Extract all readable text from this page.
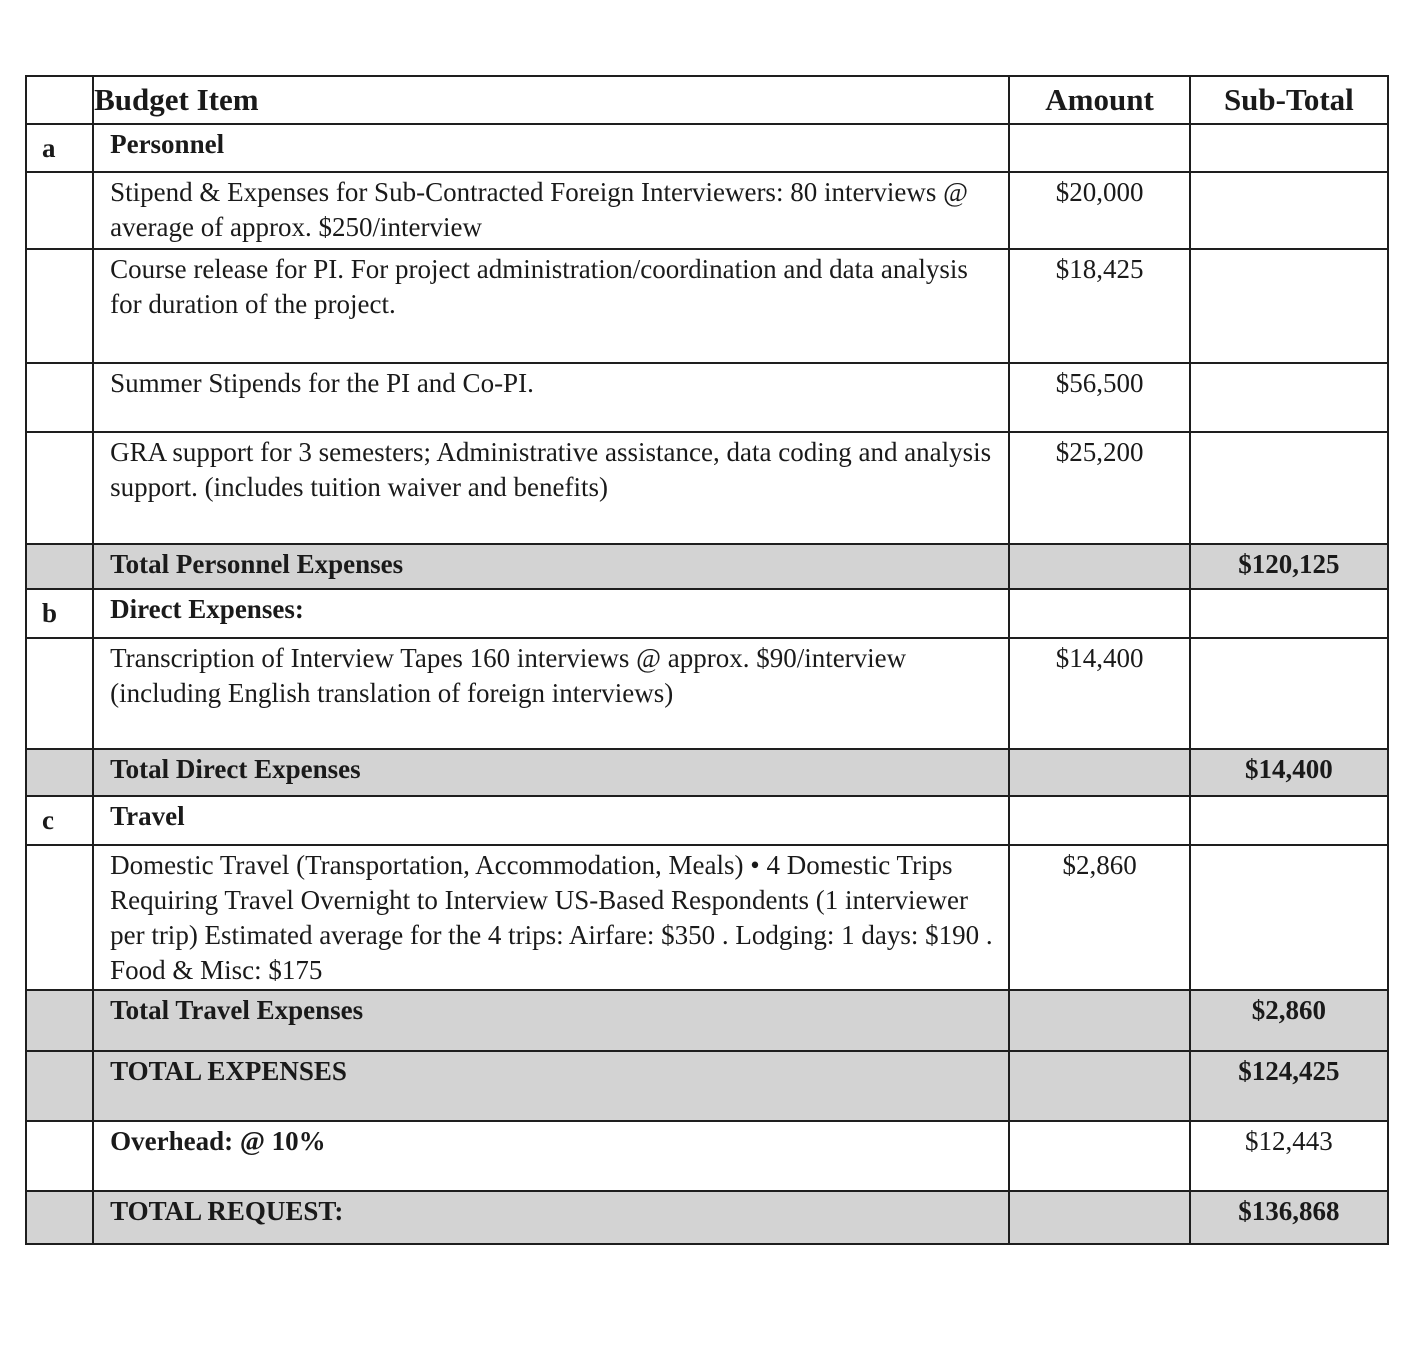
	Budget Item	Amount	Sub-Total
a	Personnel		
	Stipend & Expenses for Sub-Contracted Foreign Interviewers: 80 interviews @ average of approx. $250/interview	$20,000	
	Course release for PI. For project administration/coordination and data analysis for duration of the project.	$18,425	
	Summer Stipends for the PI and Co-PI.	$56,500	
	GRA support for 3 semesters; Administrative assistance, data coding and analysis support. (includes tuition waiver and benefits)	$25,200	
	Total Personnel Expenses		$120,125
b	Direct Expenses:		
	Transcription of Interview Tapes 160 interviews @ approx. $90/interview (including English translation of foreign interviews)	$14,400	
	Total Direct Expenses		$14,400
c	Travel		
	Domestic Travel (Transportation, Accommodation, Meals) • 4 Domestic Trips Requiring Travel Overnight to Interview US-Based Respondents (1 interviewer per trip) Estimated average for the 4 trips: Airfare: $350 . Lodging: 1 days: $190 . Food & Misc: $175	$2,860	
	Total Travel Expenses		$2,860
	TOTAL EXPENSES		$124,425
	Overhead: @ 10%		$12,443
	TOTAL REQUEST:		$136,868
